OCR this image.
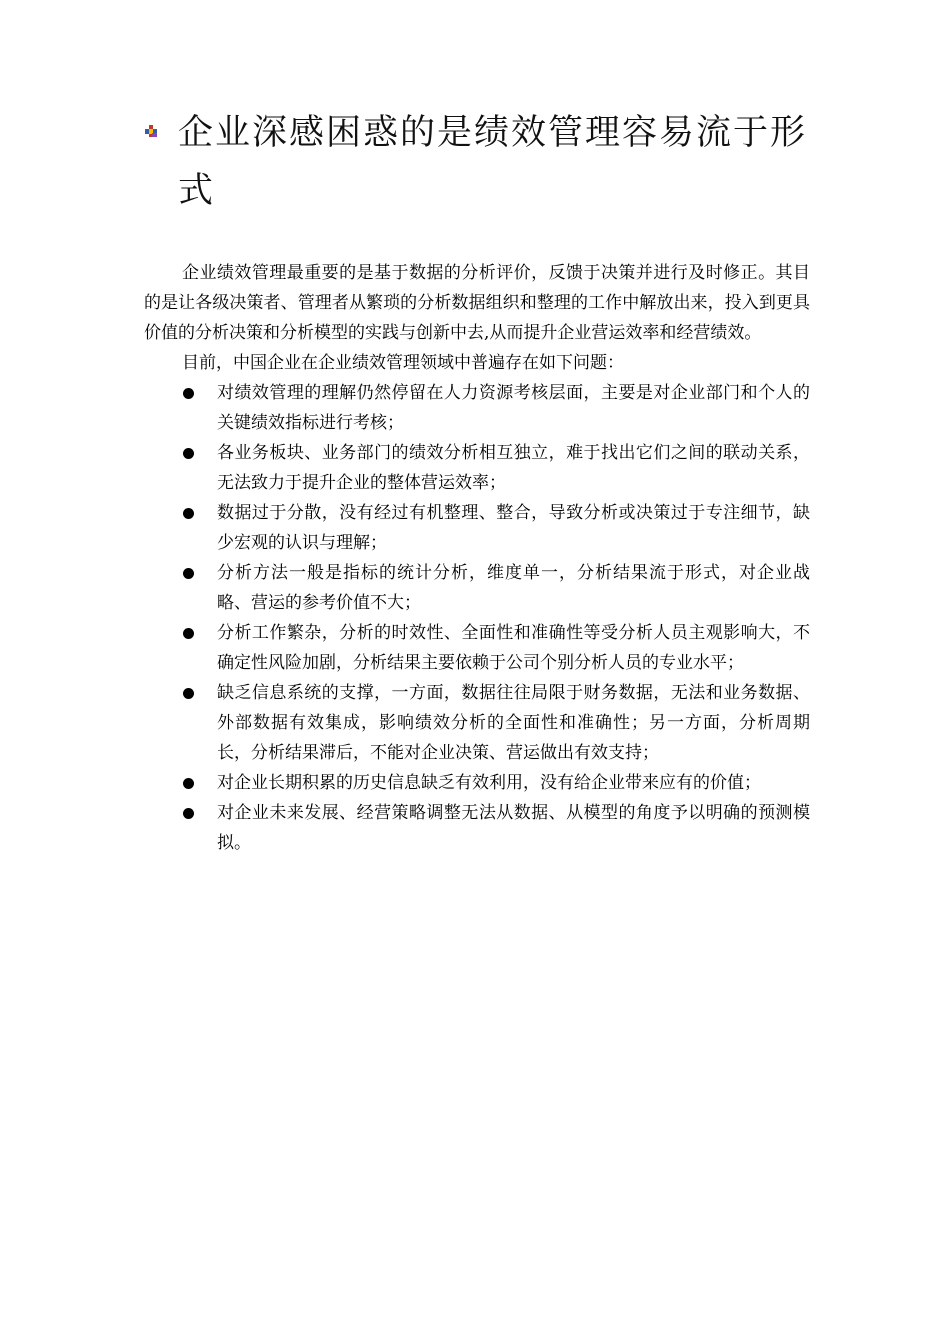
企业深感困惑的是绩效管理容易流于形式

企业绩效管理最重要的是基于数据的分析评价，反馈于决策并进行及时修正。其目的是让各级决策者、管理者从繁琐的分析数据组织和整理的工作中解放出来，投入到更具价值的分析决策和分析模型的实践与创新中去,从而提升企业营运效率和经营绩效。

目前，中国企业在企业绩效管理领域中普遍存在如下问题：

对绩效管理的理解仍然停留在人力资源考核层面，主要是对企业部门和个人的关键绩效指标进行考核；
各业务板块、业务部门的绩效分析相互独立，难于找出它们之间的联动关系，无法致力于提升企业的整体营运效率；
数据过于分散，没有经过有机整理、整合，导致分析或决策过于专注细节，缺少宏观的认识与理解；
分析方法一般是指标的统计分析，维度单一，分析结果流于形式，对企业战略、营运的参考价值不大；
分析工作繁杂，分析的时效性、全面性和准确性等受分析人员主观影响大，不确定性风险加剧，分析结果主要依赖于公司个别分析人员的专业水平；
缺乏信息系统的支撑，一方面，数据往往局限于财务数据，无法和业务数据、外部数据有效集成，影响绩效分析的全面性和准确性；另一方面，分析周期长，分析结果滞后，不能对企业决策、营运做出有效支持；
对企业长期积累的历史信息缺乏有效利用，没有给企业带来应有的价值；
对企业未来发展、经营策略调整无法从数据、从模型的角度予以明确的预测模拟。
